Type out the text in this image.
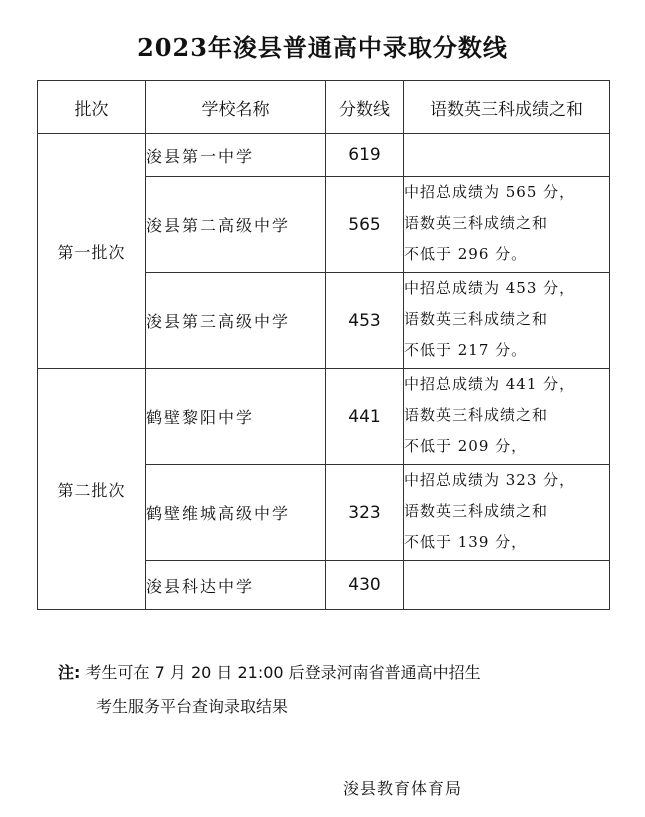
2023年浚县普通高中录取分数线
批次	学校名称	分数线	语数英三科成绩之和
第一批次	浚县第一中学	619	
	浚县第二高级中学	565	中招总成绩为 565 分，
语数英三科成绩之和
不低于 296 分。

	浚县第三高级中学	453	中招总成绩为 453 分，
语数英三科成绩之和
不低于 217 分。

第二批次	鹤壁黎阳中学	441	中招总成绩为 441 分，
语数英三科成绩之和
不低于 209 分，

	鹤壁维城高级中学	323	中招总成绩为 323 分，
语数英三科成绩之和
不低于 139 分，

	浚县科达中学	430	
注: 考生可在 7 月 20 日 21:00 后登录河南省普通高中招生
考生服务平台查询录取结果
浚县教育体育局
